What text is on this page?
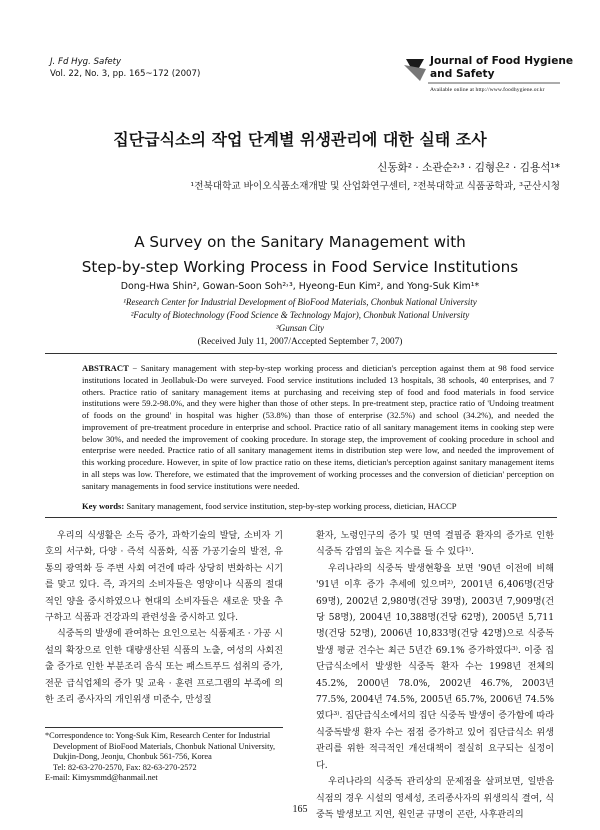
J. Fd Hyg. Safety
Vol. 22, No. 3, pp. 165~172 (2007)
Journal of Food Hygiene
and Safety
Available online at http://www.foodhygiene.or.kr
집단급식소의 작업 단계별 위생관리에 대한 실태 조사
신동화² · 소관순²˒³ · 김형은² · 김용석¹*
¹전북대학교 바이오식품소재개발 및 산업화연구센터, ²전북대학교 식품공학과, ³군산시청
A Survey on the Sanitary Management with
Step-by-step Working Process in Food Service Institutions
Dong-Hwa Shin², Gowan-Soon Soh²˒³, Hyeong-Eun Kim², and Yong-Suk Kim¹*
¹Research Center for Industrial Development of BioFood Materials, Chonbuk National University
²Faculty of Biotechnology (Food Science & Technology Major), Chonbuk National University
³Gunsan City
(Received July 11, 2007/Accepted September 7, 2007)
ABSTRACT − Sanitary management with step-by-step working process and dietician's perception against them at 98 food service institutions located in Jeollabuk-Do were surveyed. Food service institutions included 13 hospitals, 38 schools, 40 enterprises, and 7 others. Practice ratio of sanitary management items at purchasing and receiving step of food and food materials in food service institutions were 59.2-98.0%, and they were higher than those of other steps. In pre-treatment step, practice ratio of 'Undoing treatment of foods on the ground' in hospital was higher (53.8%) than those of enterprise (32.5%) and school (34.2%), and needed the improvement of pre-treatment procedure in enterprise and school. Practice ratio of all sanitary management items in cooking step were below 30%, and needed the improvement of cooking procedure. In storage step, the improvement of cooking procedure in school and enterprise were needed. Practice ratio of all sanitary management items in distribution step were low, and needed the improvement of this working procedure. However, in spite of low practice ratio on these items, dietician's perception against sanitary management items in all steps was low. Therefore, we estimated that the improvement of working processes and the conversion of dietician' perception on sanitary managements in food service institutions were needed.
Key words: Sanitary management, food service institution, step-by-step working process, dietician, HACCP

우리의 식생활은 소득 증가, 과학기술의 발달, 소비자 기호의 서구화, 다양 · 즉석 식품화, 식품 가공기술의 발전, 유통의 광역화 등 주변 사회 여건에 따라 상당히 변화하는 시기를 맞고 있다. 즉, 과거의 소비자들은 영양이나 식품의 절대적인 양을 중시하였으나 현대의 소비자들은 새로운 맛을 추구하고 식품과 건강과의 관련성을 중시하고 있다.

식중독의 발생에 관여하는 요인으로는 식품제조 · 가공 시설의 확장으로 인한 대량생산된 식품의 노출, 여성의 사회진출 증가로 인한 부분조리 음식 또는 패스트푸드 섭취의 증가, 전문 급식업체의 증가 및 교육 · 훈련 프로그램의 부족에 의한 조리 종사자의 개인위생 미준수, 만성질

*Correspondence to: Yong-Suk Kim, Research Center for Industrial
Development of BioFood Materials, Chonbuk National University,
Dukjin-Dong, Jeonju, Chonbuk 561-756, Korea
Tel: 82-63-270-2570, Fax: 82-63-270-2572
E-mail: Kimysmmd@hanmail.net

환자, 노령인구의 증가 및 면역 결핍증 환자의 증가로 인한 식중독 감염의 높은 지수를 들 수 있다¹⁾.

우리나라의 식중독 발생현황을 보면 '90년 이전에 비해 '91년 이후 증가 추세에 있으며²⁾, 2001년 6,406명(건당 69명), 2002년 2,980명(건당 39명), 2003년 7,909명(건당 58명), 2004년 10,388명(건당 62명), 2005년 5,711명(건당 52명), 2006년 10,833명(건당 42명)으로 식중독발생 평균 건수는 최근 5년간 69.1% 증가하였다³⁾. 이중 집단급식소에서 발생한 식중독 환자 수는 1998년 전체의 45.2%, 2000년 78.0%, 2002년 46.7%, 2003년 77.5%, 2004년 74.5%, 2005년 65.7%, 2006년 74.5%였다³⁾. 집단급식소에서의 집단 식중독 발생이 증가함에 따라 식중독발생 환자 수는 점점 증가하고 있어 집단급식소 위생관리를 위한 적극적인 개선대책이 절실히 요구되는 실정이다.

우리나라의 식중독 관리상의 문제점을 살펴보면, 일반음식점의 경우 시설의 영세성, 조리종사자의 위생의식 결여, 식중독 발생보고 지연, 원인균 규명이 곤란, 사후관리의

165
